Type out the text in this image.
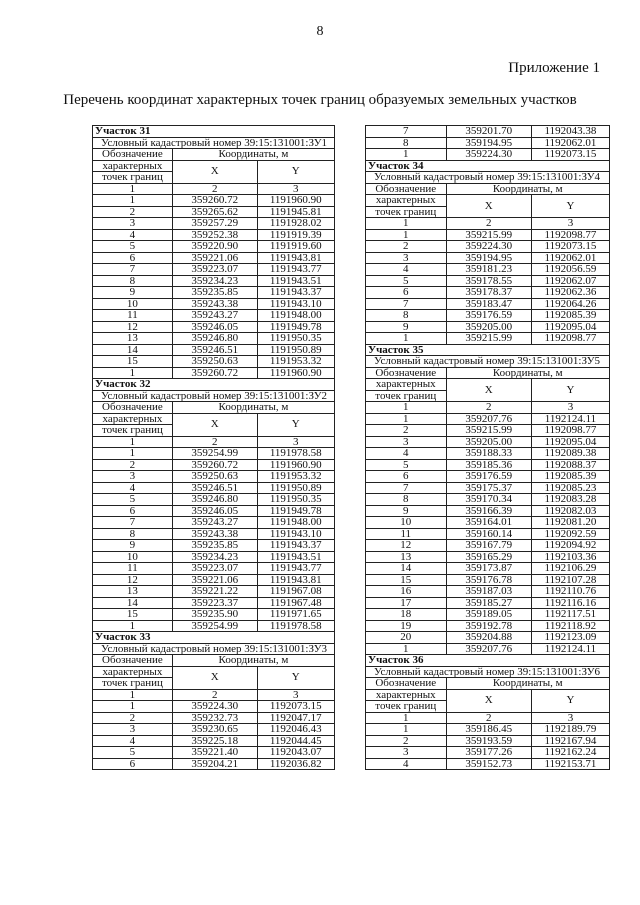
8
Приложение 1
Перечень координат характерных точек границ образуемых земельных участков
Участок 31		
Условный кадастровый номер 39:15:131001:ЗУ1		
Обозначение	Координаты, м	
характерных	X	Y
точек границ		
1	2	3
1	359260.72	1191960.90
2	359265.62	1191945.81
3	359257.29	1191928.02
4	359252.38	1191919.39
5	359220.90	1191919.60
6	359221.06	1191943.81
7	359223.07	1191943.77
8	359234.23	1191943.51
9	359235.85	1191943.37
10	359243.38	1191943.10
11	359243.27	1191948.00
12	359246.05	1191949.78
13	359246.80	1191950.35
14	359246.51	1191950.89
15	359250.63	1191953.32
1	359260.72	1191960.90
Участок 32		
Условный кадастровый номер 39:15:131001:ЗУ2		
Обозначение	Координаты, м	
характерных	X	Y
точек границ		
1	2	3
1	359254.99	1191978.58
2	359260.72	1191960.90
3	359250.63	1191953.32
4	359246.51	1191950.89
5	359246.80	1191950.35
6	359246.05	1191949.78
7	359243.27	1191948.00
8	359243.38	1191943.10
9	359235.85	1191943.37
10	359234.23	1191943.51
11	359223.07	1191943.77
12	359221.06	1191943.81
13	359221.22	1191967.08
14	359223.37	1191967.48
15	359235.90	1191971.65
1	359254.99	1191978.58
Участок 33		
Условный кадастровый номер 39:15:131001:ЗУ3		
Обозначение	Координаты, м	
характерных	X	Y
точек границ		
1	2	3
1	359224.30	1192073.15
2	359232.73	1192047.17
3	359230.65	1192046.43
4	359225.18	1192044.45
5	359221.40	1192043.07
6	359204.21	1192036.82
7	359201.70	1192043.38
8	359194.95	1192062.01
1	359224.30	1192073.15
Участок 34		
Условный кадастровый номер 39:15:131001:ЗУ4		
Обозначение	Координаты, м	
характерных	X	Y
точек границ		
1	2	3
1	359215.99	1192098.77
2	359224.30	1192073.15
3	359194.95	1192062.01
4	359181.23	1192056.59
5	359178.55	1192062.07
6	359178.37	1192062.36
7	359183.47	1192064.26
8	359176.59	1192085.39
9	359205.00	1192095.04
1	359215.99	1192098.77
Участок 35		
Условный кадастровый номер 39:15:131001:ЗУ5		
Обозначение	Координаты, м	
характерных	X	Y
точек границ		
1	2	3
1	359207.76	1192124.11
2	359215.99	1192098.77
3	359205.00	1192095.04
4	359188.33	1192089.38
5	359185.36	1192088.37
6	359176.59	1192085.39
7	359175.37	1192085.23
8	359170.34	1192083.28
9	359166.39	1192082.03
10	359164.01	1192081.20
11	359160.14	1192092.59
12	359167.79	1192094.92
13	359165.29	1192103.36
14	359173.87	1192106.29
15	359176.78	1192107.28
16	359187.03	1192110.76
17	359185.27	1192116.16
18	359189.05	1192117.51
19	359192.78	1192118.92
20	359204.88	1192123.09
1	359207.76	1192124.11
Участок 36		
Условный кадастровый номер 39:15:131001:ЗУ6		
Обозначение	Координаты, м	
характерных	X	Y
точек границ		
1	2	3
1	359186.45	1192189.79
2	359193.59	1192167.94
3	359177.26	1192162.24
4	359152.73	1192153.71
